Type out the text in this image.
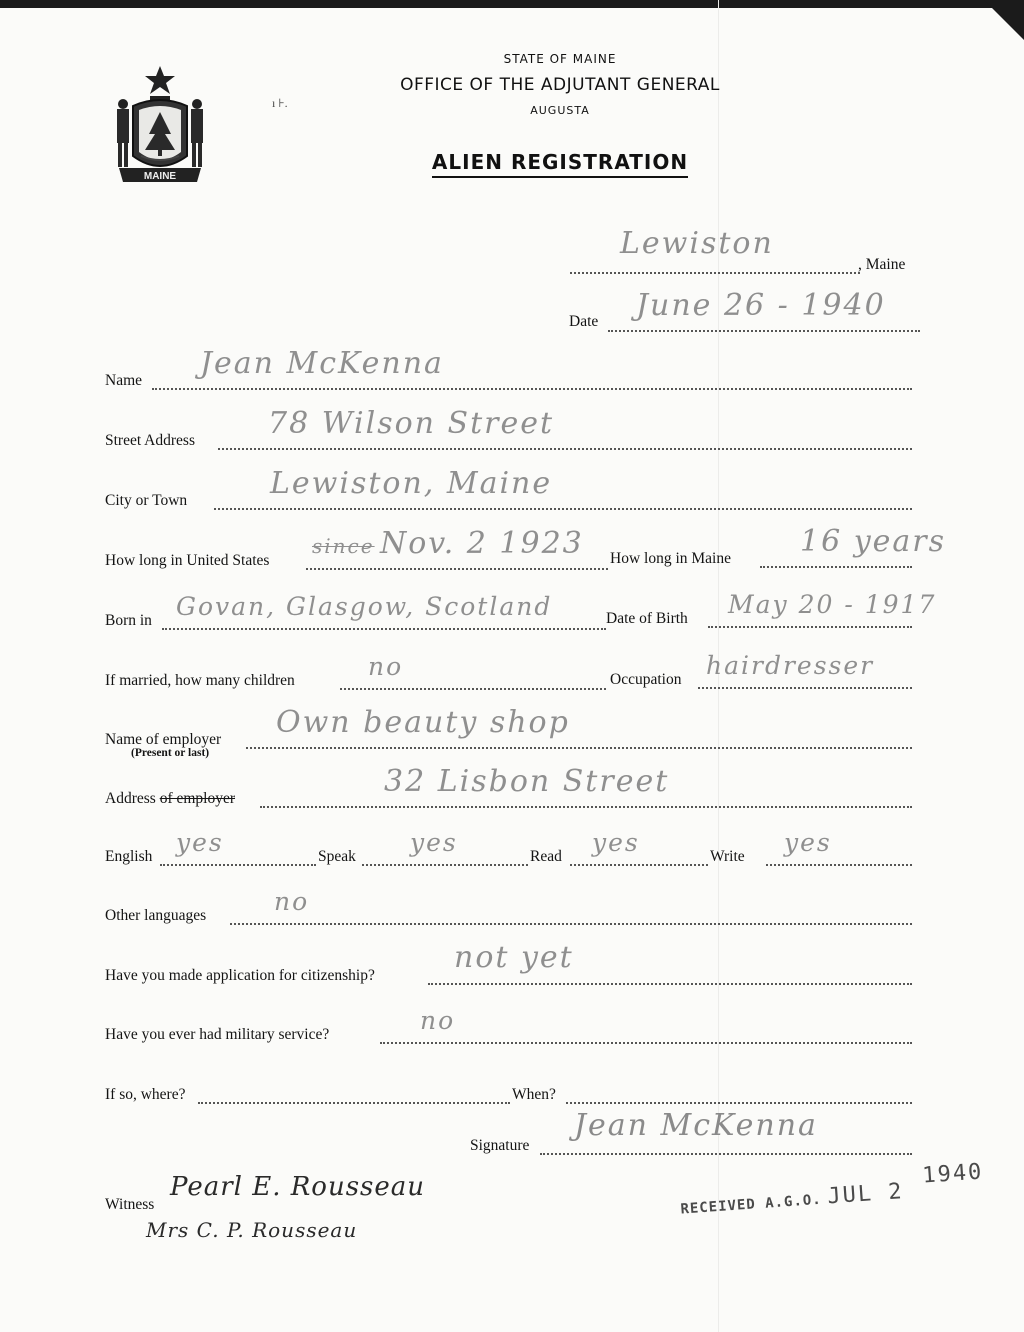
MAINE
ı ⊦.
STATE OF MAINE
OFFICE OF THE ADJUTANT GENERAL
AUGUSTA
ALIEN REGISTRATION
Lewiston
, Maine
Date June 26 - 1940
Name Jean McKenna
Street Address 78 Wilson Street
City or Town	Lewiston, Maine
How long in United States
since Nov. 2 1923 How long in Maine 16 years
Born in Govan, Glasgow, Scotland	Date of Birth May 20 - 1917
If married, how many children	no	Occupation hairdresser
Name of employer
(Present or last)
Own beauty shop
Address of employer	32 Lisbon Street
English yes	Speak yes	Read yes	Write yes
Other languages	no
Have you made application for citizenship?
not yet
Have you ever had military service?	no
If so, where?	When?
Signature
Jean McKenna
Witness
Pearl E. Rousseau
Mrs C. P. Rousseau
RECEIVED A.G.O. JUL 21940
